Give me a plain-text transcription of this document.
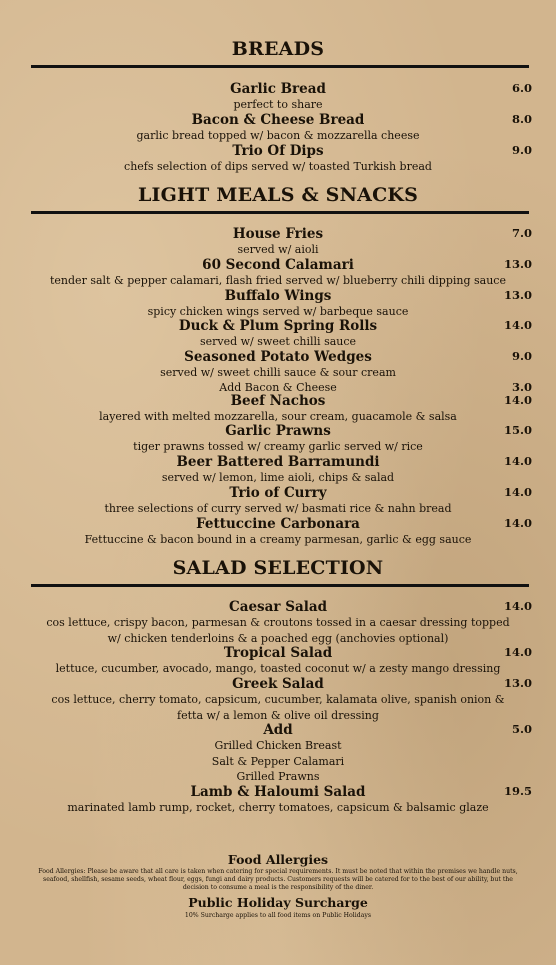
BREADS
Garlic Bread	6.0
perfect to share
Bacon & Cheese Bread	8.0
garlic bread topped w/ bacon & mozzarella cheese
Trio Of Dips	9.0
chefs selection of dips served w/ toasted Turkish bread
LIGHT MEALS & SNACKS
House Fries	7.0
served w/ aioli
60 Second Calamari	13.0
tender salt & pepper calamari, flash fried served w/ blueberry chili dipping sauce
Buffalo Wings	13.0
spicy chicken wings served w/ barbeque sauce
Duck & Plum Spring Rolls	14.0
served w/ sweet chilli sauce
Seasoned Potato Wedges	9.0
served w/ sweet chilli sauce & sour cream
Add Bacon & Cheese	3.0
Beef Nachos	14.0
layered with melted mozzarella, sour cream, guacamole & salsa
Garlic Prawns	15.0
tiger prawns tossed w/ creamy garlic served w/ rice
Beer Battered Barramundi	14.0
served w/ lemon, lime aioli, chips & salad
Trio of Curry	14.0
three selections of curry served w/ basmati rice & nahn bread
Fettuccine Carbonara	14.0
Fettuccine & bacon bound in a creamy parmesan, garlic & egg sauce
SALAD SELECTION
Caesar Salad	14.0
cos lettuce, crispy bacon, parmesan & croutons tossed in a caesar dressing topped w/ chicken tenderloins & a poached egg (anchovies optional)
Tropical Salad	14.0
lettuce, cucumber, avocado, mango, toasted coconut w/ a zesty mango dressing
Greek Salad	13.0
cos lettuce, cherry tomato, capsicum, cucumber, kalamata olive, spanish onion & fetta w/ a lemon & olive oil dressing
Add	5.0
Grilled Chicken Breast
Salt & Pepper Calamari
Grilled Prawns
Lamb & Haloumi Salad	19.5
marinated lamb rump, rocket, cherry tomatoes, capsicum & balsamic glaze
Food Allergies
Food Allergies: Please be aware that all care is taken when catering for special requirements. It must be noted that within the premises we handle nuts, seafood, shellfish, sesame seeds, wheat flour, eggs, fungi and dairy products. Customers requests will be catered for to the best of our ability, but the decision to consume a meal is the responsibility of the diner.
Public Holiday Surcharge
10% Surcharge applies to all food items on Public Holidays
